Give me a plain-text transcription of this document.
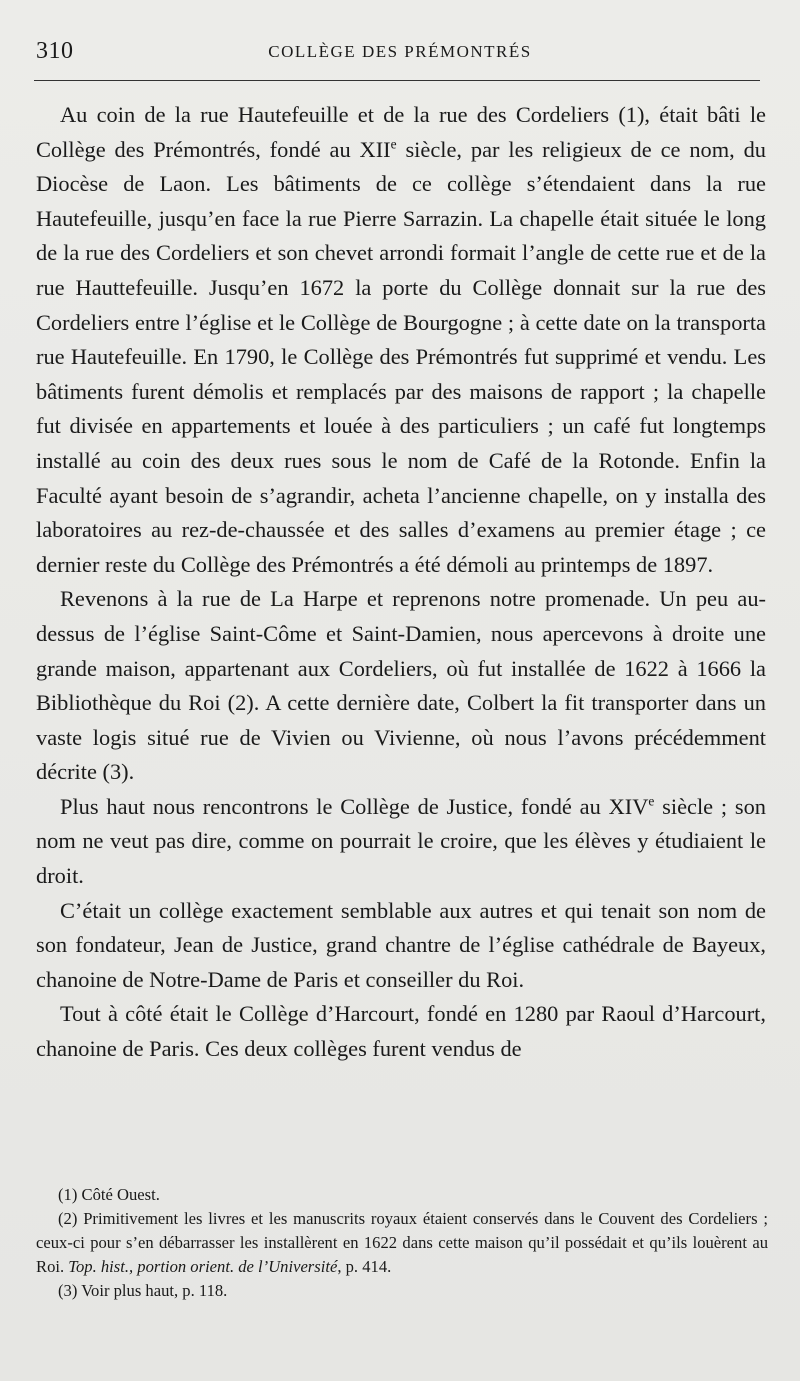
310	COLLÈGE DES PRÉMONTRÉS

Au coin de la rue Hautefeuille et de la rue des Cordeliers (1), était bâti le Collège des Prémontrés, fondé au XIIe siècle, par les religieux de ce nom, du Diocèse de Laon. Les bâtiments de ce collège s’étendaient dans la rue Hautefeuille, jusqu’en face la rue Pierre Sarrazin. La chapelle était située le long de la rue des Cordeliers et son chevet arrondi formait l’angle de cette rue et de la rue Hauttefeuille. Jusqu’en 1672 la porte du Collège donnait sur la rue des Cordeliers entre l’église et le Collège de Bourgogne ; à cette date on la transporta rue Hautefeuille. En 1790, le Collège des Prémontrés fut supprimé et vendu. Les bâtiments furent démolis et remplacés par des maisons de rapport ; la chapelle fut divisée en appartements et louée à des particuliers ; un café fut longtemps installé au coin des deux rues sous le nom de Café de la Rotonde. Enfin la Faculté ayant besoin de s’agrandir, acheta l’ancienne chapelle, on y installa des laboratoires au rez-de-chaussée et des salles d’examens au premier étage ; ce dernier reste du Collège des Prémontrés a été démoli au printemps de 1897.

Revenons à la rue de La Harpe et reprenons notre promenade. Un peu au-dessus de l’église Saint-Côme et Saint-Damien, nous apercevons à droite une grande maison, appartenant aux Cordeliers, où fut installée de 1622 à 1666 la Bibliothèque du Roi (2). A cette dernière date, Colbert la fit transporter dans un vaste logis situé rue de Vivien ou Vivienne, où nous l’avons précédemment décrite (3).

Plus haut nous rencontrons le Collège de Justice, fondé au XIVe siècle ; son nom ne veut pas dire, comme on pourrait le croire, que les élèves y étudiaient le droit.

C’était un collège exactement semblable aux autres et qui tenait son nom de son fondateur, Jean de Justice, grand chantre de l’église cathédrale de Bayeux, chanoine de Notre-Dame de Paris et conseiller du Roi.

Tout à côté était le Collège d’Harcourt, fondé en 1280 par Raoul d’Harcourt, chanoine de Paris. Ces deux collèges furent vendus de

(1) Côté Ouest.

(2) Primitivement les livres et les manuscrits royaux étaient conservés dans le Couvent des Cordeliers ; ceux-ci pour s’en débarrasser les installèrent en 1622 dans cette maison qu’il possédait et qu’ils louèrent au Roi. Top. hist., portion orient. de l’Université, p. 414.

(3) Voir plus haut, p. 118.
